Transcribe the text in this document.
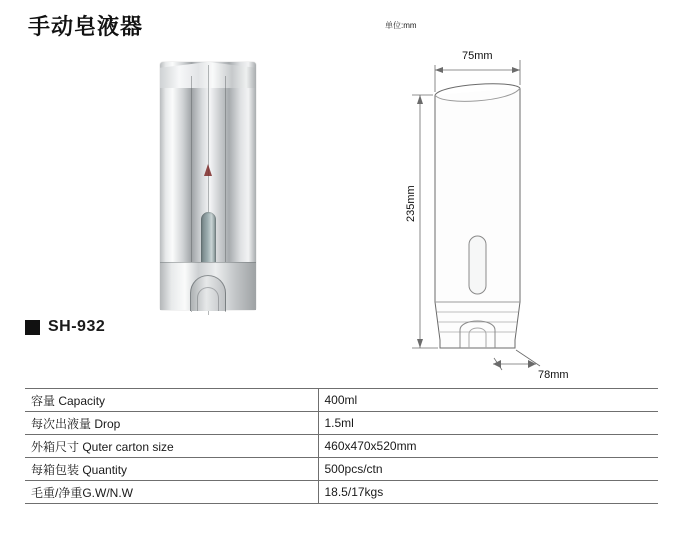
手动皂液器	单位:mm
75mm
235mm
78mm
SH-932
容量 Capacity	400ml
每次出液量 Drop	1.5ml
外箱尺寸 Quter carton size	460x470x520mm
每箱包装 Quantity	500pcs/ctn
毛重/净重G.W/N.W	18.5/17kgs
